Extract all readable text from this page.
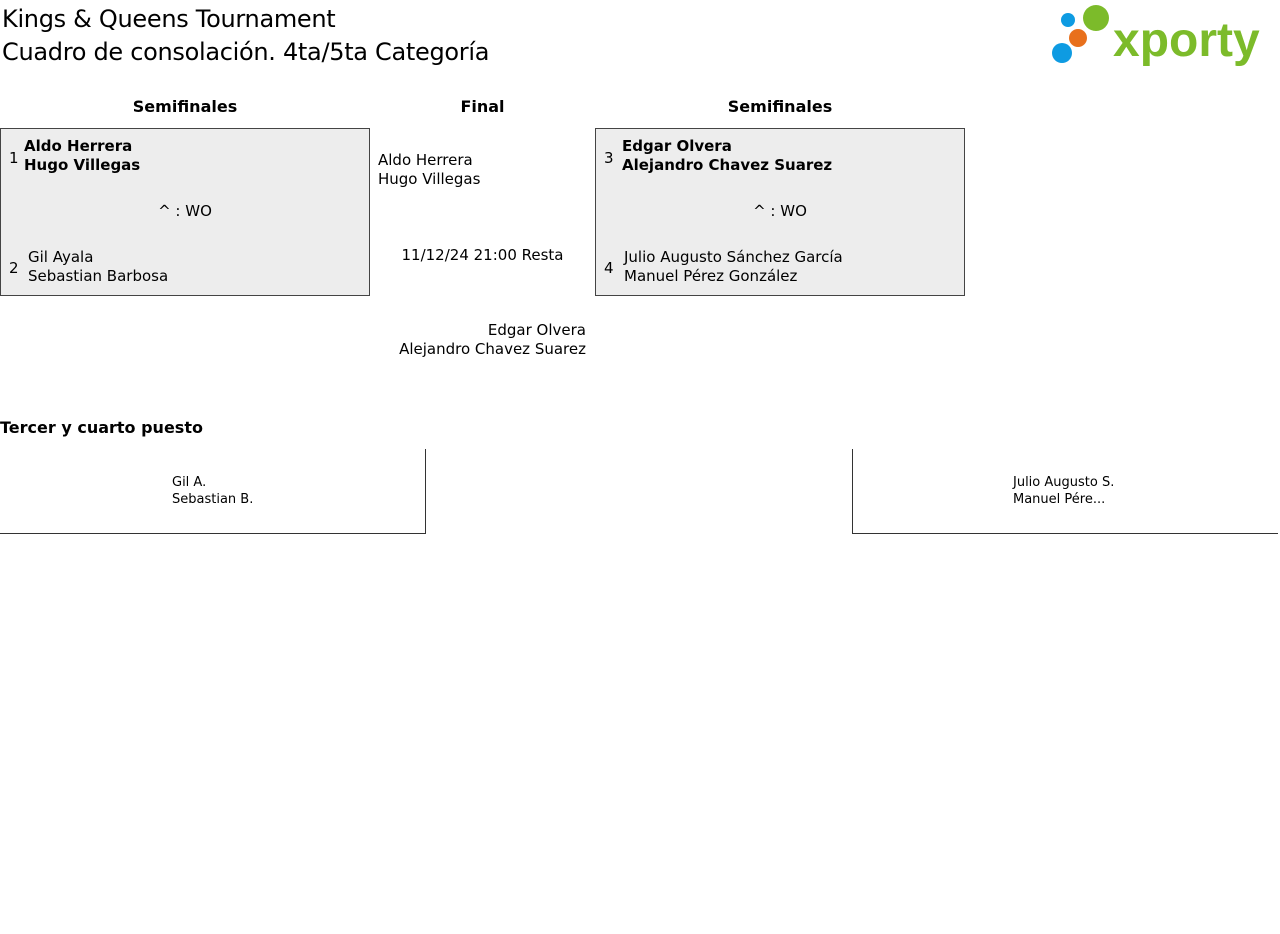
Kings & Queens Tournament
Cuadro de consolación. 4ta/5ta Categoría	xporty
Semifinales	Final	Semifinales
1
Aldo Herrera
Hugo Villegas
^ : WO
2
Gil Ayala
Sebastian Barbosa
Aldo Herrera
Hugo Villegas
11/12/24 21:00 Resta
Edgar Olvera
Alejandro Chavez Suarez
3
Edgar Olvera
Alejandro Chavez Suarez
^ : WO
4
Julio Augusto Sánchez García
Manuel Pérez González
Tercer y cuarto puesto
Gil A.
Sebastian B.
Julio Augusto S.
Manuel Pére...
